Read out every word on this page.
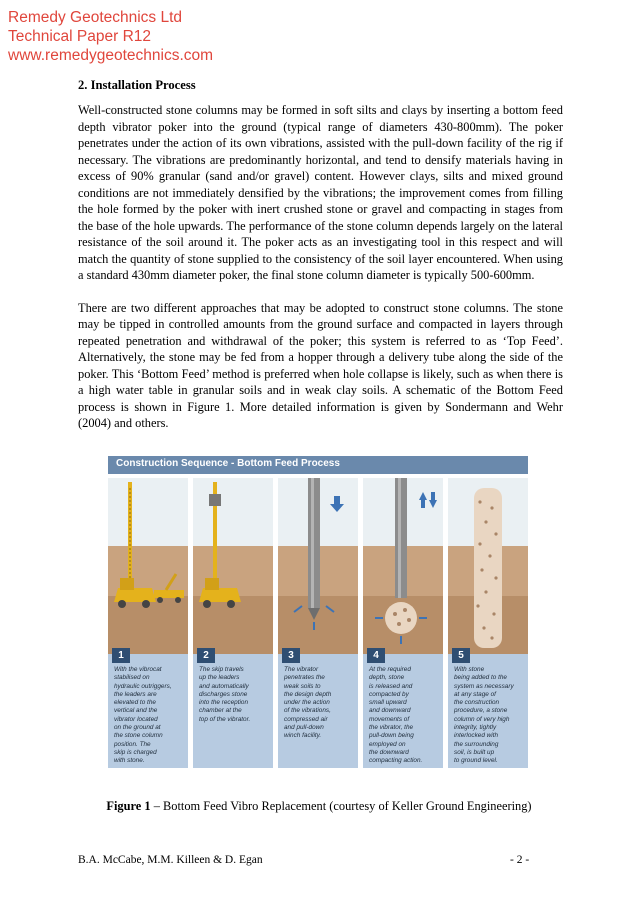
Remedy Geotechnics Ltd
Technical Paper R12
www.remedygeotechnics.com
2. Installation Process

Well-constructed stone columns may be formed in soft silts and clays by inserting a bottom feed depth vibrator poker into the ground (typical range of diameters 430-800mm). The poker penetrates under the action of its own vibrations, assisted with the pull-down facility of the rig if necessary. The vibrations are predominantly horizontal, and tend to densify materials having in excess of 90% granular (sand and/or gravel) content. However clays, silts and mixed ground conditions are not immediately densified by the vibrations; the improvement comes from filling the hole formed by the poker with inert crushed stone or gravel and compacting in stages from the base of the hole upwards. The performance of the stone column depends largely on the lateral resistance of the soil around it. The poker acts as an investigating tool in this respect and will match the quantity of stone supplied to the consistency of the soil layer encountered. When using a standard 430mm diameter poker, the final stone column diameter is typically 500-600mm.

There are two different approaches that may be adopted to construct stone columns. The stone may be tipped in controlled amounts from the ground surface and compacted in layers through repeated penetration and withdrawal of the poker; this system is referred to as ‘Top Feed’. Alternatively, the stone may be fed from a hopper through a delivery tube along the side of the poker. This ‘Bottom Feed’ method is preferred when hole collapse is likely, such as when there is a high water table in granular soils and in weak clay soils. A schematic of the Bottom Feed process is shown in Figure 1. More detailed information is given by Sondermann and Wehr (2004) and others.

Construction Sequence - Bottom Feed Process
1
With the vibrocat
stabilised on
hydraulic outriggers,
the leaders are
elevated to the
vertical and the
vibrator located
on the ground at
the stone column
position. The
skip is charged
with stone.
2
The skip travels
up the leaders
and automatically
discharges stone
into the reception
chamber at the
top of the vibrator.
3
The vibrator
penetrates the
weak soils to
the design depth
under the action
of the vibrations,
compressed air
and pull-down
winch facility.
4
At the required
depth, stone
is released and
compacted by
small upward
and downward
movements of
the vibrator, the
pull-down being
employed on
the downward
compacting action.
5
With stone
being added to the
system as necessary
at any stage of
the construction
procedure, a stone
column of very high
integrity, tightly
interlocked with
the surrounding
soil, is built up
to ground level.
Figure 1 – Bottom Feed Vibro Replacement (courtesy of Keller Ground Engineering)
B.A. McCabe, M.M. Killeen & D. Egan	- 2 -
